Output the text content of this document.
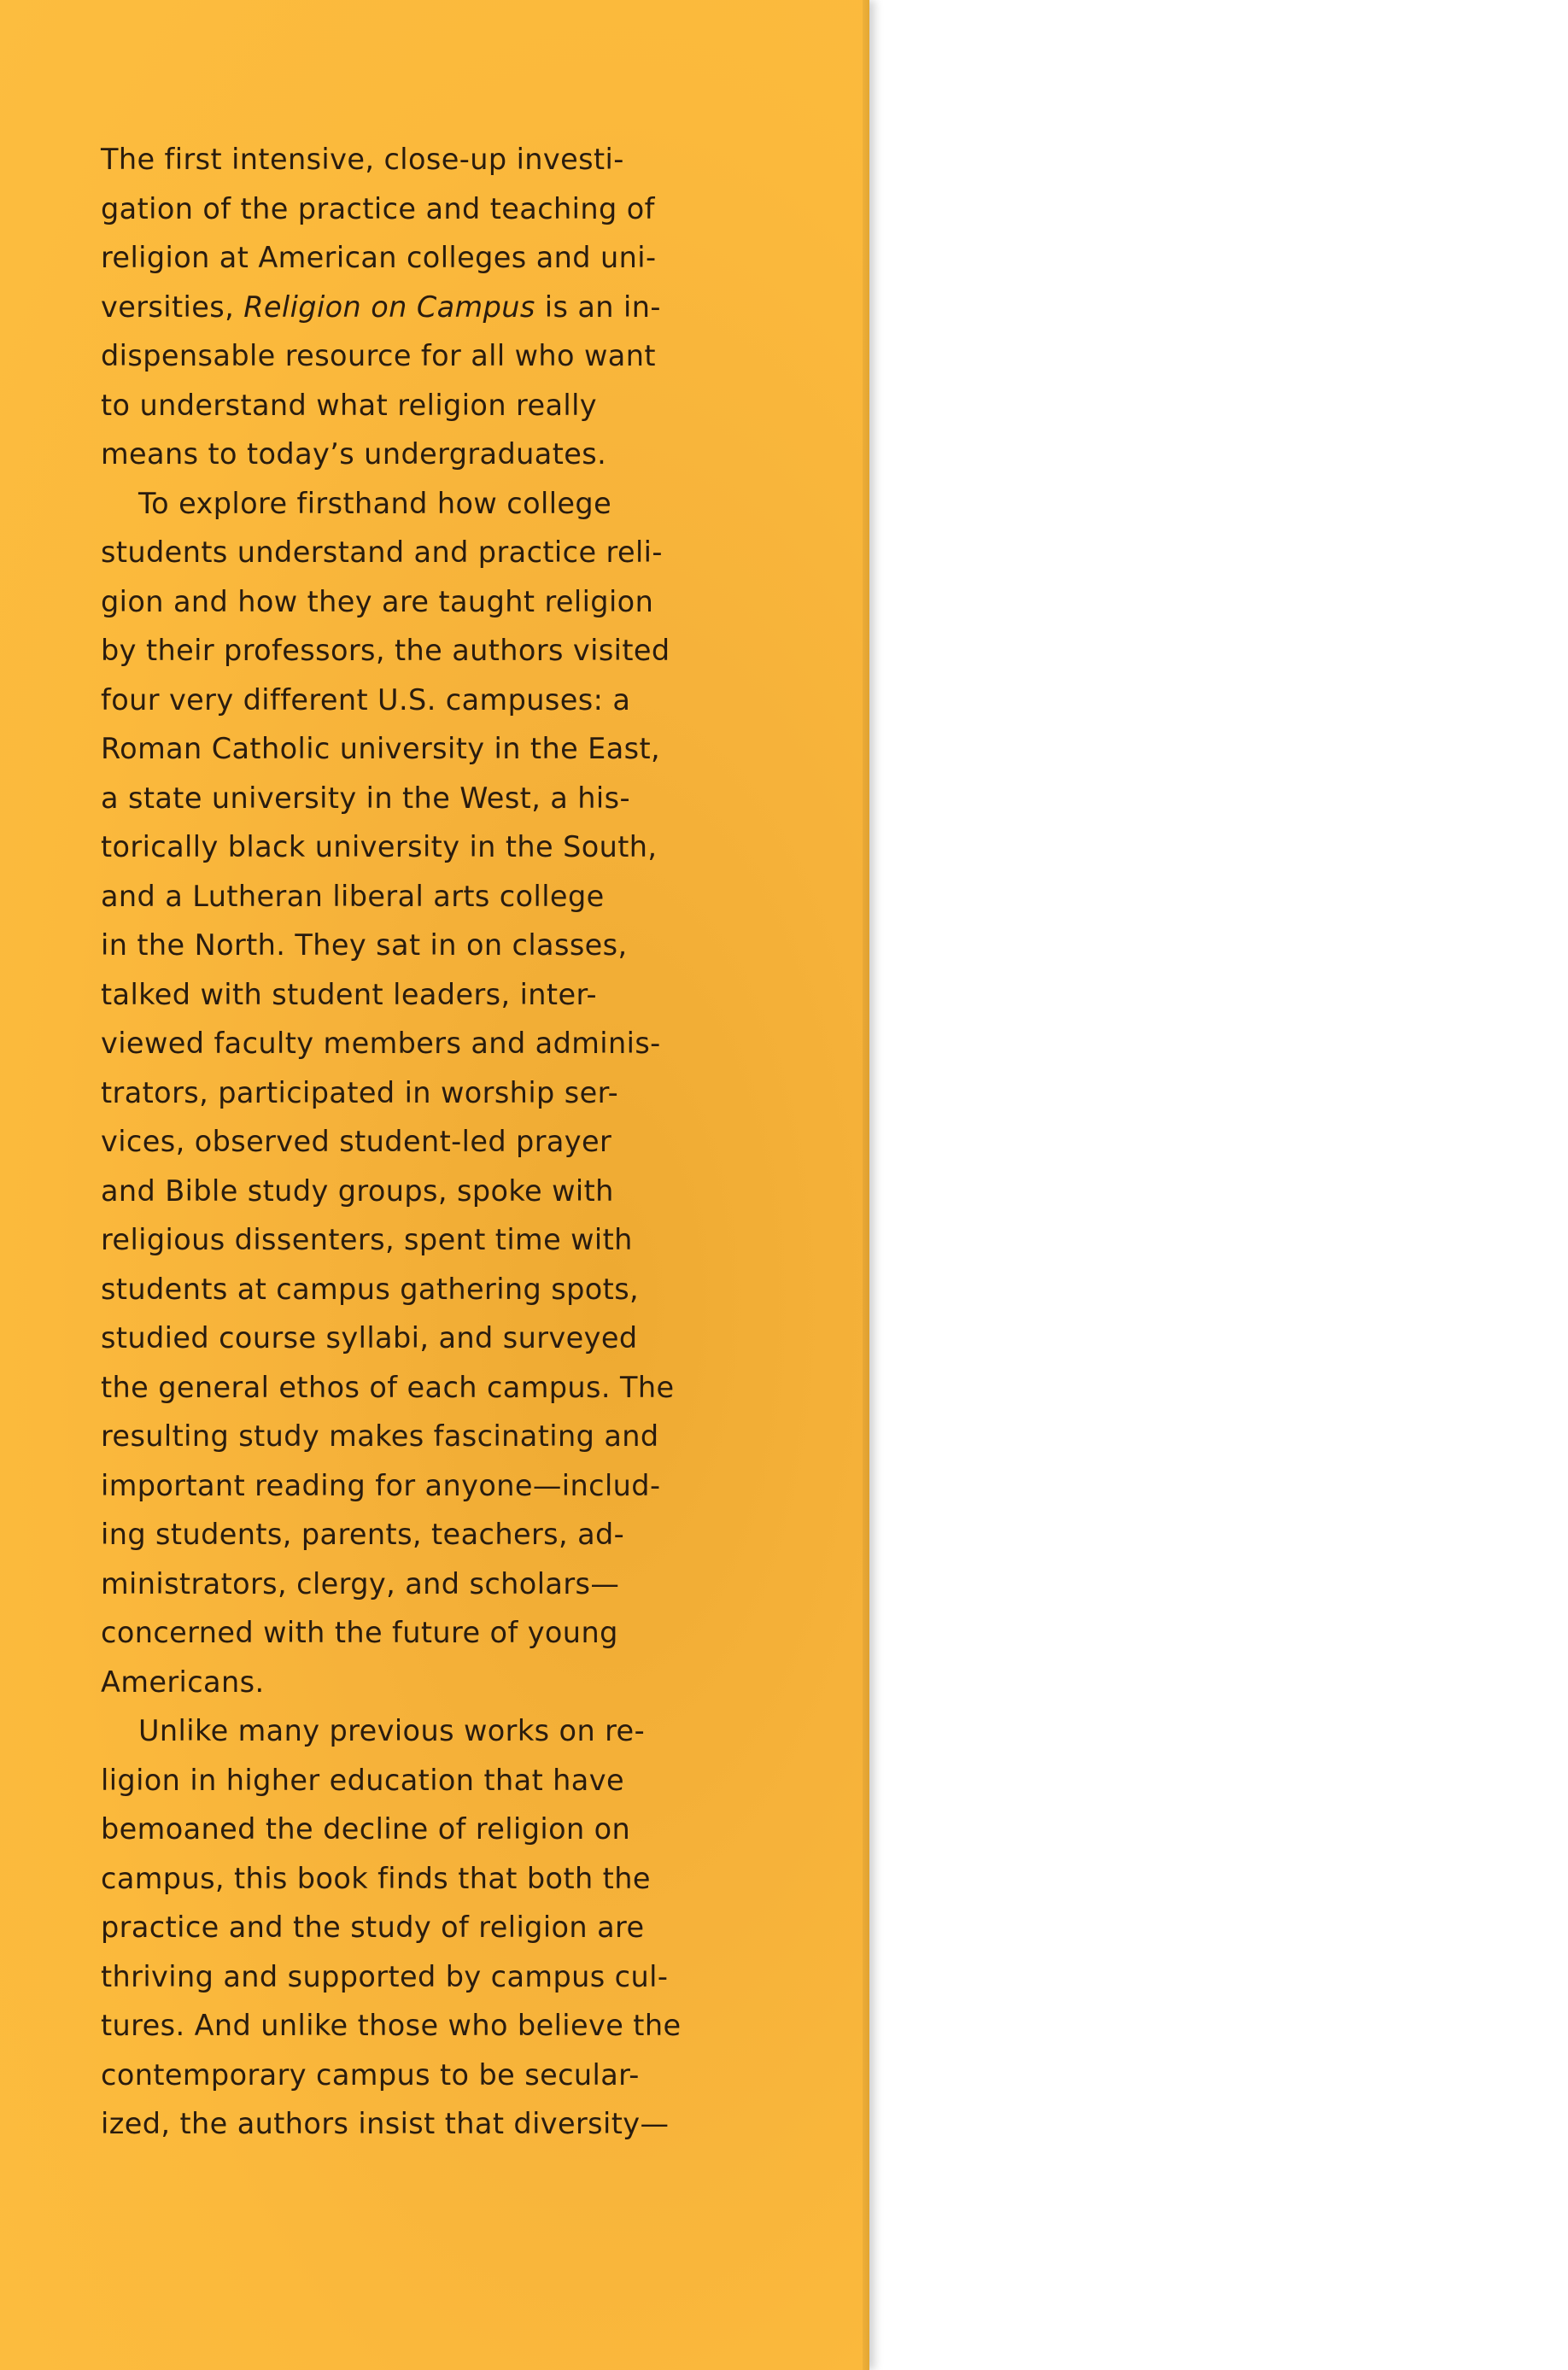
The first intensive, close-up investi-
gation of the practice and teaching of
religion at American colleges and uni-
versities, Religion on Campus is an in-
dispensable resource for all who want
to understand what religion really
means to today’s undergraduates.
To explore firsthand how college
students understand and practice reli-
gion and how they are taught religion
by their professors, the authors visited
four very different U.S. campuses: a
Roman Catholic university in the East,
a state university in the West, a his-
torically black university in the South,
and a Lutheran liberal arts college
in the North. They sat in on classes,
talked with student leaders, inter-
viewed faculty members and adminis-
trators, participated in worship ser-
vices, observed student-led prayer
and Bible study groups, spoke with
religious dissenters, spent time with
students at campus gathering spots,
studied course syllabi, and surveyed
the general ethos of each campus. The
resulting study makes fascinating and
important reading for anyone—includ-
ing students, parents, teachers, ad-
ministrators, clergy, and scholars—
concerned with the future of young
Americans.
Unlike many previous works on re-
ligion in higher education that have
bemoaned the decline of religion on
campus, this book finds that both the
practice and the study of religion are
thriving and supported by campus cul-
tures. And unlike those who believe the
contemporary campus to be secular-
ized, the authors insist that diversity—
